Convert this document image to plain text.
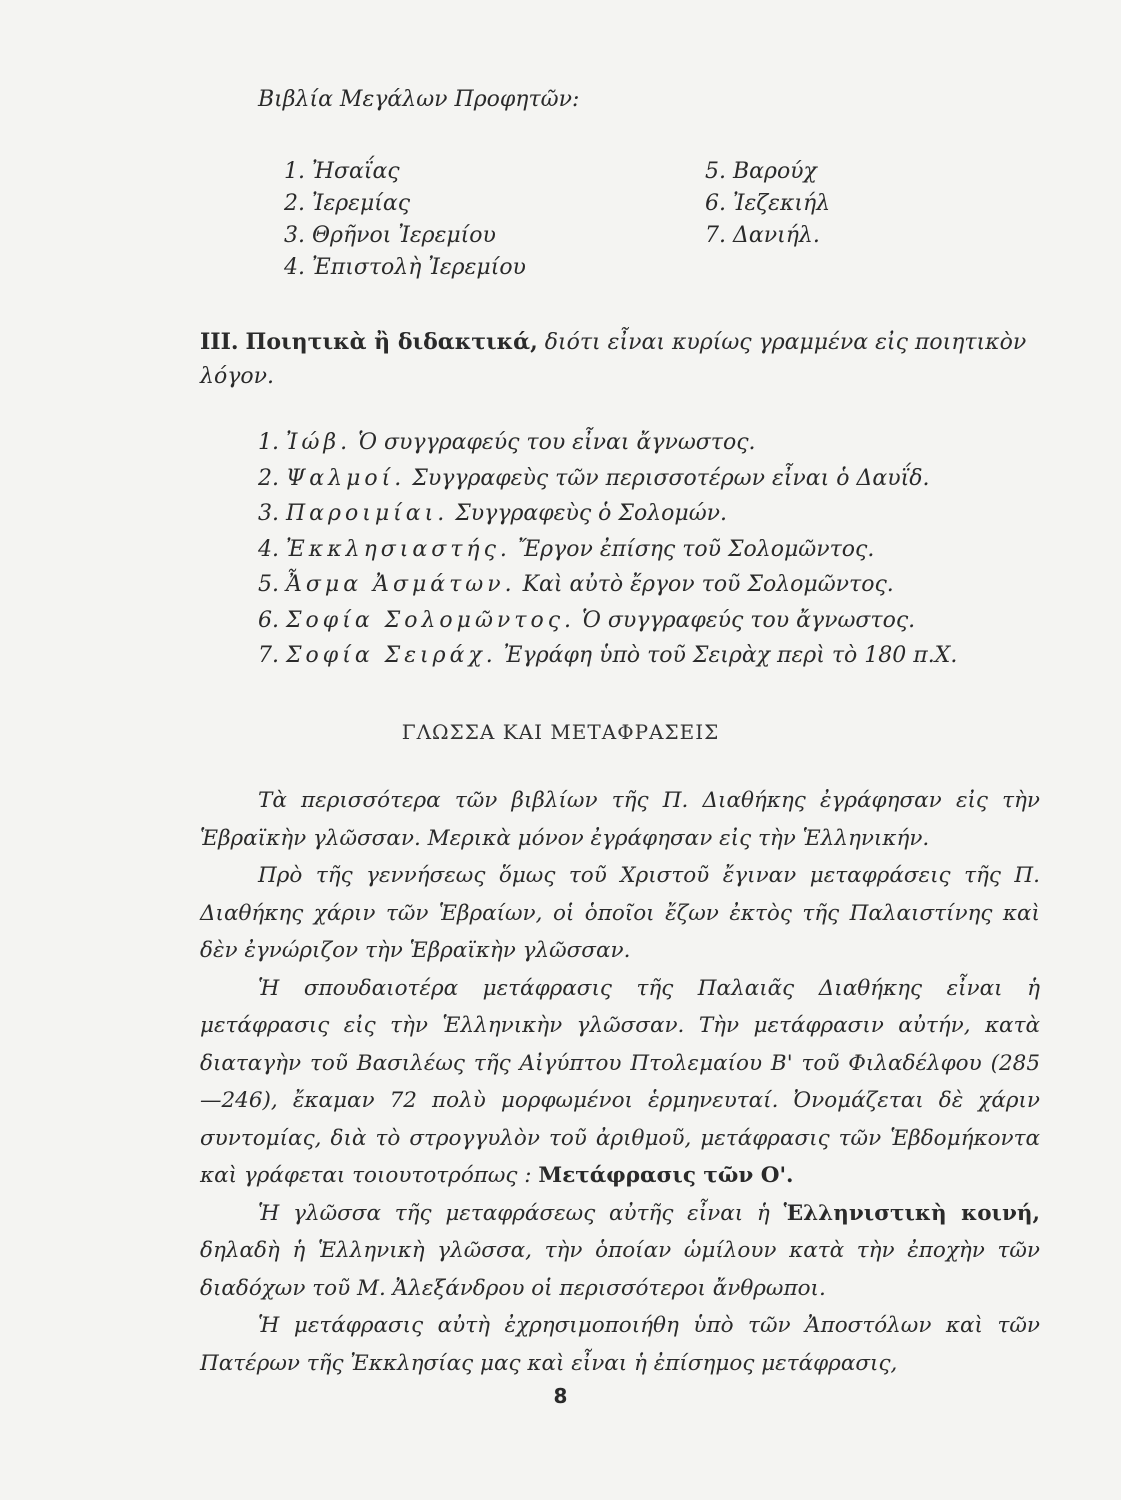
Βιβλία Μεγάλων Προφητῶν:
1. Ἠσαΐας
2. Ἰερεμίας
3. Θρῆνοι Ἰερεμίου
4. Ἐπιστολὴ Ἰερεμίου
5. Βαρούχ
6. Ἰεζεκιήλ
7. Δανιήλ.
III. Ποιητικὰ ἢ διδακτικά, διότι εἶναι κυρίως γραμμένα εἰς ποιητικὸν λόγον.
1. Ἰώβ. Ὁ συγγραφεύς του εἶναι ἄγνωστος.
2. Ψαλμοί. Συγγραφεὺς τῶν περισσοτέρων εἶναι ὁ Δαυΐδ.
3. Παροιμίαι. Συγγραφεὺς ὁ Σολομών.
4. Ἐκκλησιαστής. Ἔργον ἐπίσης τοῦ Σολομῶντος.
5. Ἆσμα Ἀσμάτων. Καὶ αὐτὸ ἔργον τοῦ Σολομῶντος.
6. Σοφία Σολομῶντος. Ὁ συγγραφεύς του ἄγνωστος.
7. Σοφία Σειράχ. Ἐγράφη ὑπὸ τοῦ Σειρὰχ περὶ τὸ 180 π.Χ.
ΓΛΩΣΣΑ ΚΑΙ ΜΕΤΑΦΡΑΣΕΙΣ

Τὰ περισσότερα τῶν βιβλίων τῆς Π. Διαθήκης ἐγράφησαν εἰς τὴν Ἑβραϊκὴν γλῶσσαν. Μερικὰ μόνον ἐγράφησαν εἰς τὴν Ἑλληνικήν.

Πρὸ τῆς γεννήσεως ὅμως τοῦ Χριστοῦ ἔγιναν μεταφράσεις τῆς Π. Διαθήκης χάριν τῶν Ἑβραίων, οἱ ὁποῖοι ἔζων ἐκτὸς τῆς Παλαιστίνης καὶ δὲν ἐγνώριζον τὴν Ἑβραϊκὴν γλῶσσαν.

Ἡ σπουδαιοτέρα μετάφρασις τῆς Παλαιᾶς Διαθήκης εἶναι ἡ μετάφρασις εἰς τὴν Ἑλληνικὴν γλῶσσαν. Τὴν μετάφρασιν αὐτήν, κατὰ διαταγὴν τοῦ Βασιλέως τῆς Αἰγύπτου Πτολεμαίου Β' τοῦ Φιλαδέλφου (285—246), ἔκαμαν 72 πολὺ μορφωμένοι ἑρμηνευταί. Ὀνομάζεται δὲ χάριν συντομίας, διὰ τὸ στρογγυλὸν τοῦ ἀριθμοῦ, μετάφρασις τῶν Ἑβδομήκοντα καὶ γράφεται τοιουτοτρόπως : Μετάφρασις τῶν Ο'.

Ἡ γλῶσσα τῆς μεταφράσεως αὐτῆς εἶναι ἡ Ἑλληνιστικὴ κοινή, δηλαδὴ ἡ Ἑλληνικὴ γλῶσσα, τὴν ὁποίαν ὡμίλουν κατὰ τὴν ἐποχὴν τῶν διαδόχων τοῦ Μ. Ἀλεξάνδρου οἱ περισσότεροι ἄνθρωποι.

Ἡ μετάφρασις αὐτὴ ἐχρησιμοποιήθη ὑπὸ τῶν Ἀποστόλων καὶ τῶν Πατέρων τῆς Ἐκκλησίας μας καὶ εἶναι ἡ ἐπίσημος μετάφρασις,

8
